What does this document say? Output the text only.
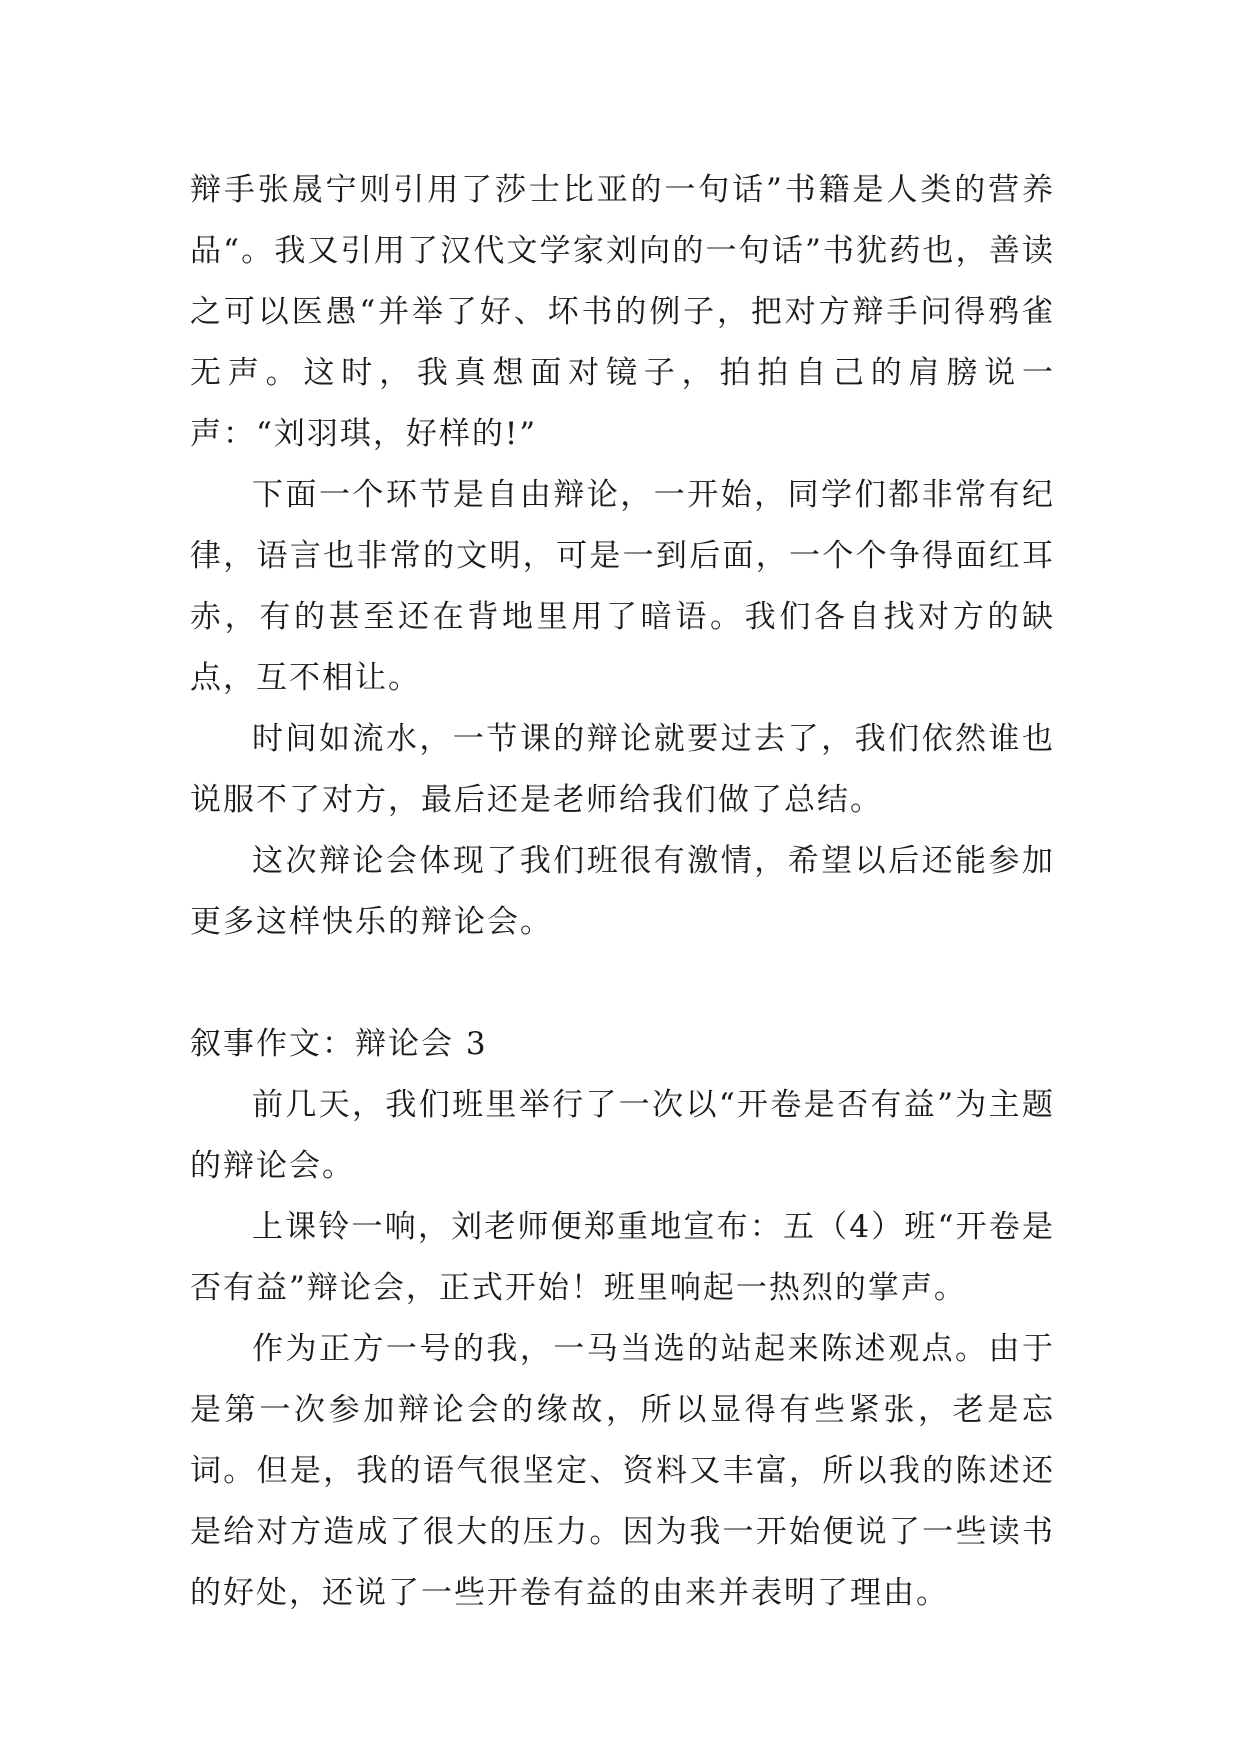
辩手张晟宁则引用了莎士比亚的一句话”书籍是人类的营养品“。我又引用了汉代文学家刘向的一句话”书犹药也，善读之可以医愚“并举了好、坏书的例子，把对方辩手问得鸦雀无声。这时，我真想面对镜子，拍拍自己的肩膀说一声：“刘羽琪，好样的!”

下面一个环节是自由辩论，一开始，同学们都非常有纪律，语言也非常的文明，可是一到后面，一个个争得面红耳赤，有的甚至还在背地里用了暗语。我们各自找对方的缺点，互不相让。

时间如流水，一节课的辩论就要过去了，我们依然谁也说服不了对方，最后还是老师给我们做了总结。

这次辩论会体现了我们班很有激情，希望以后还能参加更多这样快乐的辩论会。

叙事作文：辩论会 3

前几天，我们班里举行了一次以“开卷是否有益”为主题的辩论会。

上课铃一响，刘老师便郑重地宣布：五（4）班“开卷是否有益”辩论会，正式开始！班里响起一热烈的掌声。

作为正方一号的我，一马当选的站起来陈述观点。由于是第一次参加辩论会的缘故，所以显得有些紧张，老是忘词。但是，我的语气很坚定、资料又丰富，所以我的陈述还是给对方造成了很大的压力。因为我一开始便说了一些读书的好处，还说了一些开卷有益的由来并表明了理由。
